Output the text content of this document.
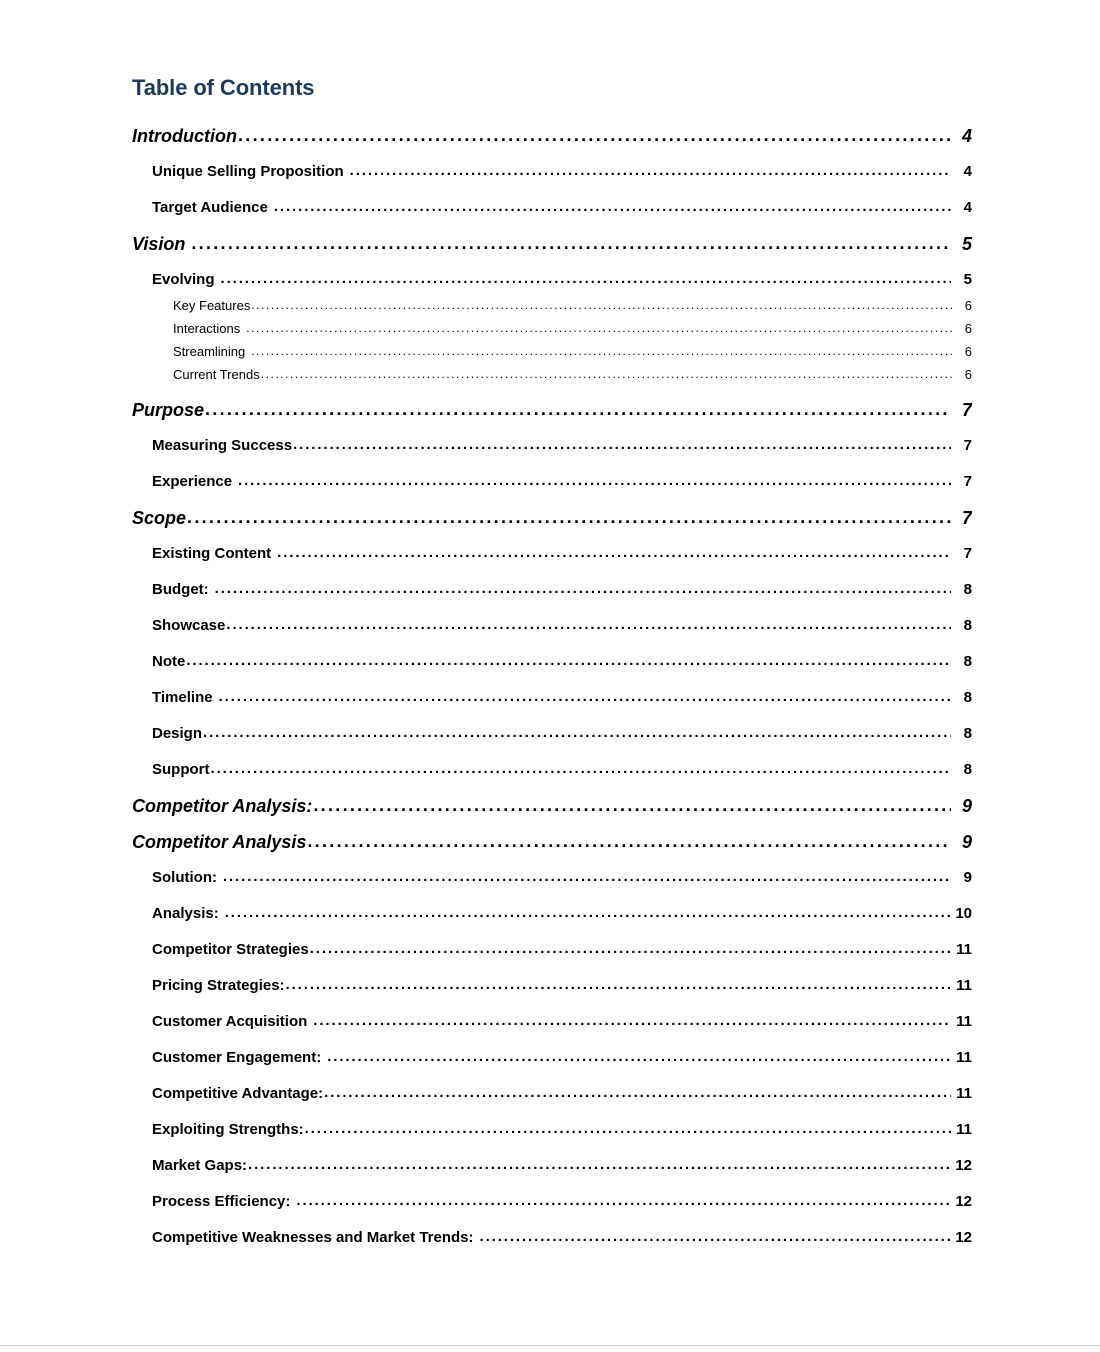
Table of Contents
Introduction .....	4
Unique Selling Proposition .....	4
Target Audience .....	4
Vision .....	5
Evolving .....	5
Key Features .....	6
Interactions .....	6
Streamlining .....	6
Current Trends .....	6
Purpose .....	7
Measuring Success .....	7
Experience .....	7
Scope .....	7
Existing Content .....	7
Budget: .....	8
Showcase .....	8
Note .....	8
Timeline .....	8
Design .....	8
Support .....	8
Competitor Analysis: .....	9
Competitor Analysis .....	9
Solution: .....	9
Analysis: .....	10
Competitor Strategies .....	11
Pricing Strategies: .....	11
Customer Acquisition .....	11
Customer Engagement: .....	11
Competitive Advantage: .....	11
Exploiting Strengths: .....	11
Market Gaps: .....	12
Process Efficiency: .....	12
Competitive Weaknesses and Market Trends: .....	12
